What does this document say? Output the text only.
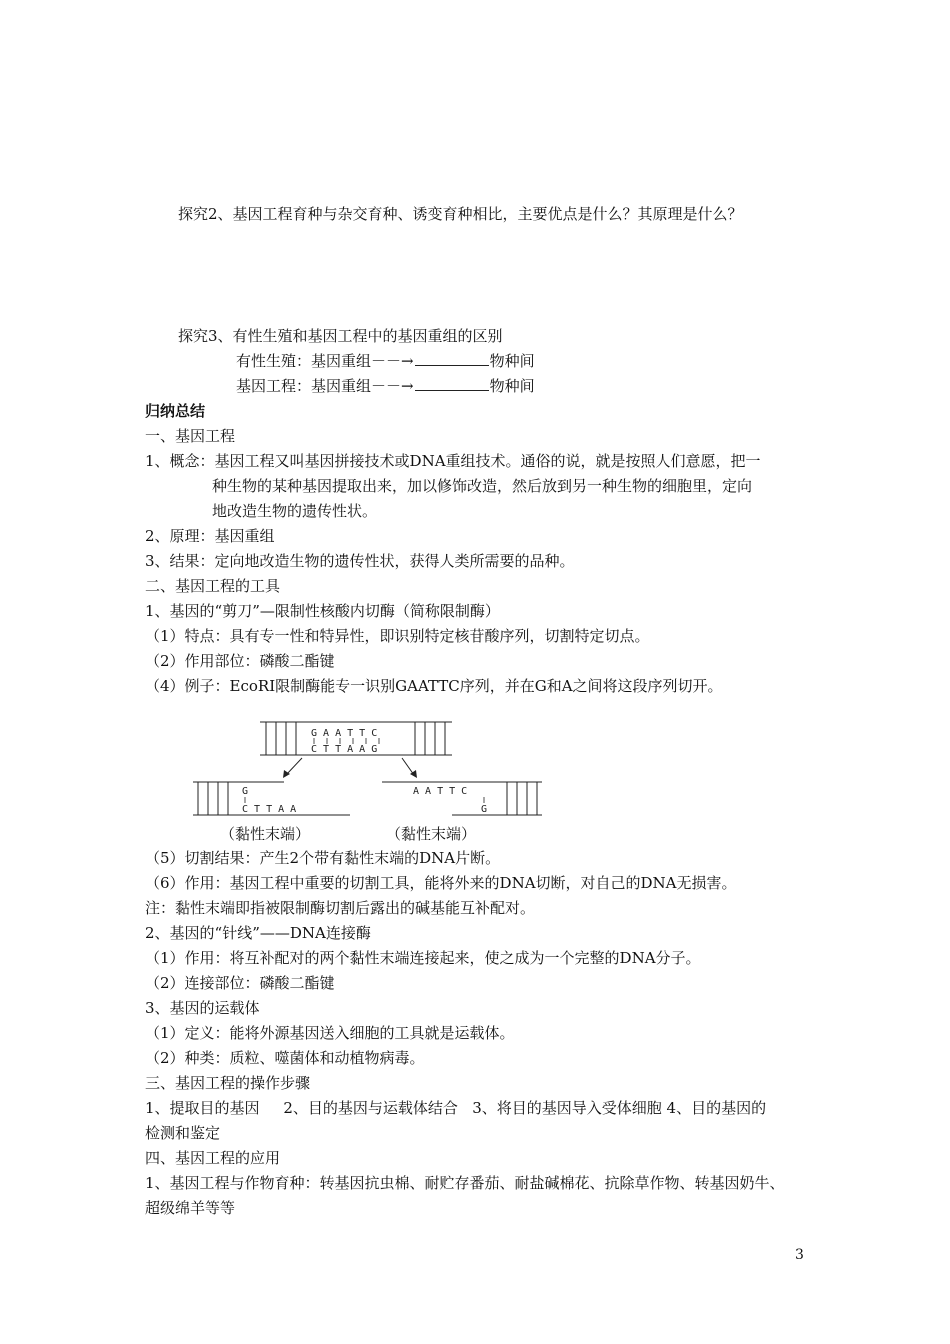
探究2、基因工程育种与杂交育种、诱变育种相比，主要优点是什么？其原理是什么？
探究3、有性生殖和基因工程中的基因重组的区别
有性生殖：基因重组－－→	物种间
基因工程：基因重组－－→	物种间
归纳总结
一、基因工程
1、概念：基因工程又叫基因拼接技术或DNA重组技术。通俗的说，就是按照人们意愿，把一
种生物的某种基因提取出来，加以修饰改造，然后放到另一种生物的细胞里，定向
地改造生物的遗传性状。
2、原理：基因重组
3、结果：定向地改造生物的遗传性状，获得人类所需要的品种。
二、基因工程的工具
1、基因的“剪刀”—限制性核酸内切酶（简称限制酶）
（1）特点：具有专一性和特异性，即识别特定核苷酸序列，切割特定切点。
（2）作用部位：磷酸二酯键
（4）例子：EcoRI限制酶能专一识别GAATTC序列，并在G和A之间将这段序列切开。
G A A T T C
C T T A A G
G
C T T A A
A A T T C
G
（黏性末端）	（黏性末端）
（5）切割结果：产生2个带有黏性末端的DNA片断。
（6）作用：基因工程中重要的切割工具，能将外来的DNA切断，对自己的DNA无损害。
注：黏性末端即指被限制酶切割后露出的碱基能互补配对。
2、基因的“针线”——DNA连接酶
（1）作用：将互补配对的两个黏性末端连接起来，使之成为一个完整的DNA分子。
（2）连接部位：磷酸二酯键
3、基因的运载体
（1）定义：能将外源基因送入细胞的工具就是运载体。
（2）种类：质粒、噬菌体和动植物病毒。
三、基因工程的操作步骤
1、提取目的基因     2、目的基因与运载体结合   3、将目的基因导入受体细胞 4、目的基因的
检测和鉴定
四、基因工程的应用
1、基因工程与作物育种：转基因抗虫棉、耐贮存番茄、耐盐碱棉花、抗除草作物、转基因奶牛、
超级绵羊等等
3
